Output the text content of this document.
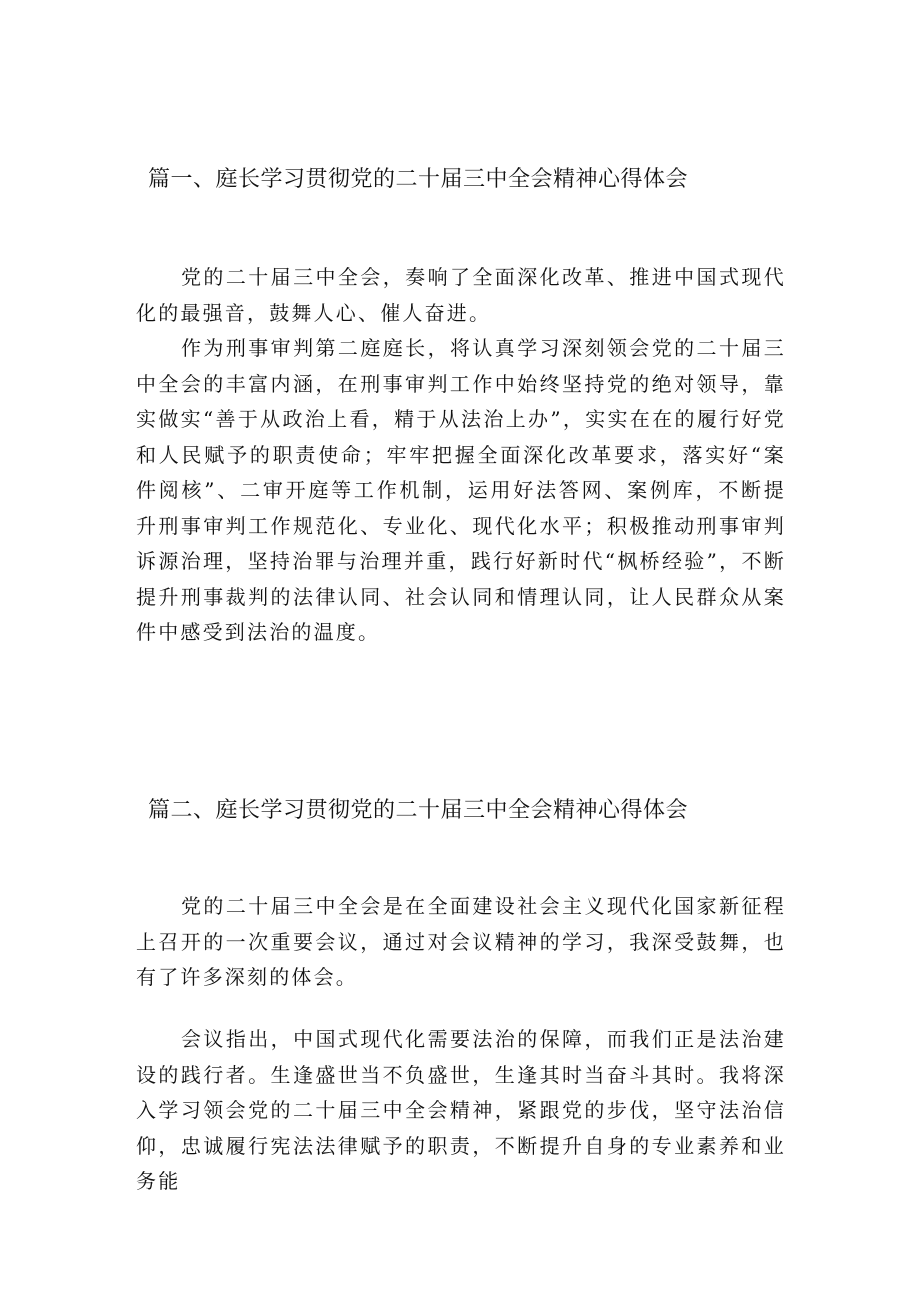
篇一、庭长学习贯彻党的二十届三中全会精神心得体会

党的二十届三中全会，奏响了全面深化改革、推进中国式现代化的最强音，鼓舞人心、催人奋进。

作为刑事审判第二庭庭长，将认真学习深刻领会党的二十届三中全会的丰富内涵，在刑事审判工作中始终坚持党的绝对领导，靠实做实“善于从政治上看，精于从法治上办”，实实在在的履行好党和人民赋予的职责使命；牢牢把握全面深化改革要求，落实好“案件阅核”、二审开庭等工作机制，运用好法答网、案例库，不断提升刑事审判工作规范化、专业化、现代化水平；积极推动刑事审判诉源治理，坚持治罪与治理并重，践行好新时代“枫桥经验”，不断提升刑事裁判的法律认同、社会认同和情理认同，让人民群众从案件中感受到法治的温度。

篇二、庭长学习贯彻党的二十届三中全会精神心得体会

党的二十届三中全会是在全面建设社会主义现代化国家新征程上召开的一次重要会议，通过对会议精神的学习，我深受鼓舞，也有了许多深刻的体会。

会议指出，中国式现代化需要法治的保障，而我们正是法治建设的践行者。生逢盛世当不负盛世，生逢其时当奋斗其时。我将深入学习领会党的二十届三中全会精神，紧跟党的步伐，坚守法治信仰，忠诚履行宪法法律赋予的职责，不断提升自身的专业素养和业务能
